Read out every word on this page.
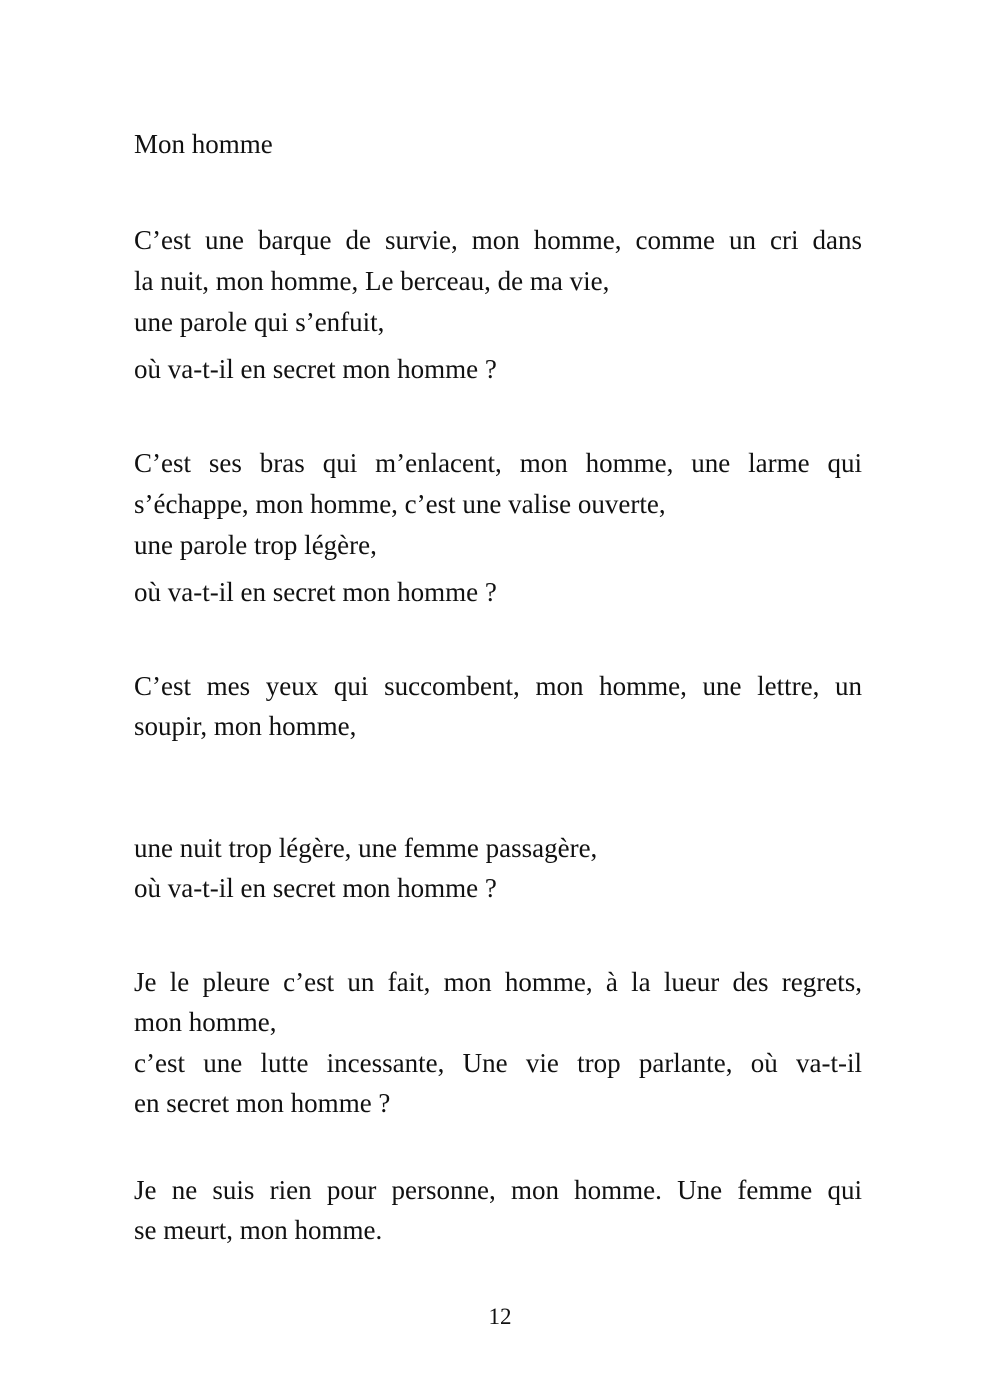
Mon homme
C’est une barque de survie, mon homme, comme un cri dans
la nuit, mon homme, Le berceau, de ma vie,
une parole qui s’enfuit,
où va-t-il en secret mon homme ?
C’est ses bras qui m’enlacent, mon homme, une larme qui
s’échappe, mon homme, c’est une valise ouverte,
une parole trop légère,
où va-t-il en secret mon homme ?
C’est mes yeux qui succombent, mon homme, une lettre, un
soupir, mon homme,
une nuit trop légère, une femme passagère,
où va-t-il en secret mon homme ?
Je le pleure c’est un fait, mon homme, à la lueur des regrets,
mon homme,
c’est une lutte incessante, Une vie trop parlante, où va-t-il
en secret mon homme ?
Je ne suis rien pour personne, mon homme. Une femme qui
se meurt, mon homme.
12
